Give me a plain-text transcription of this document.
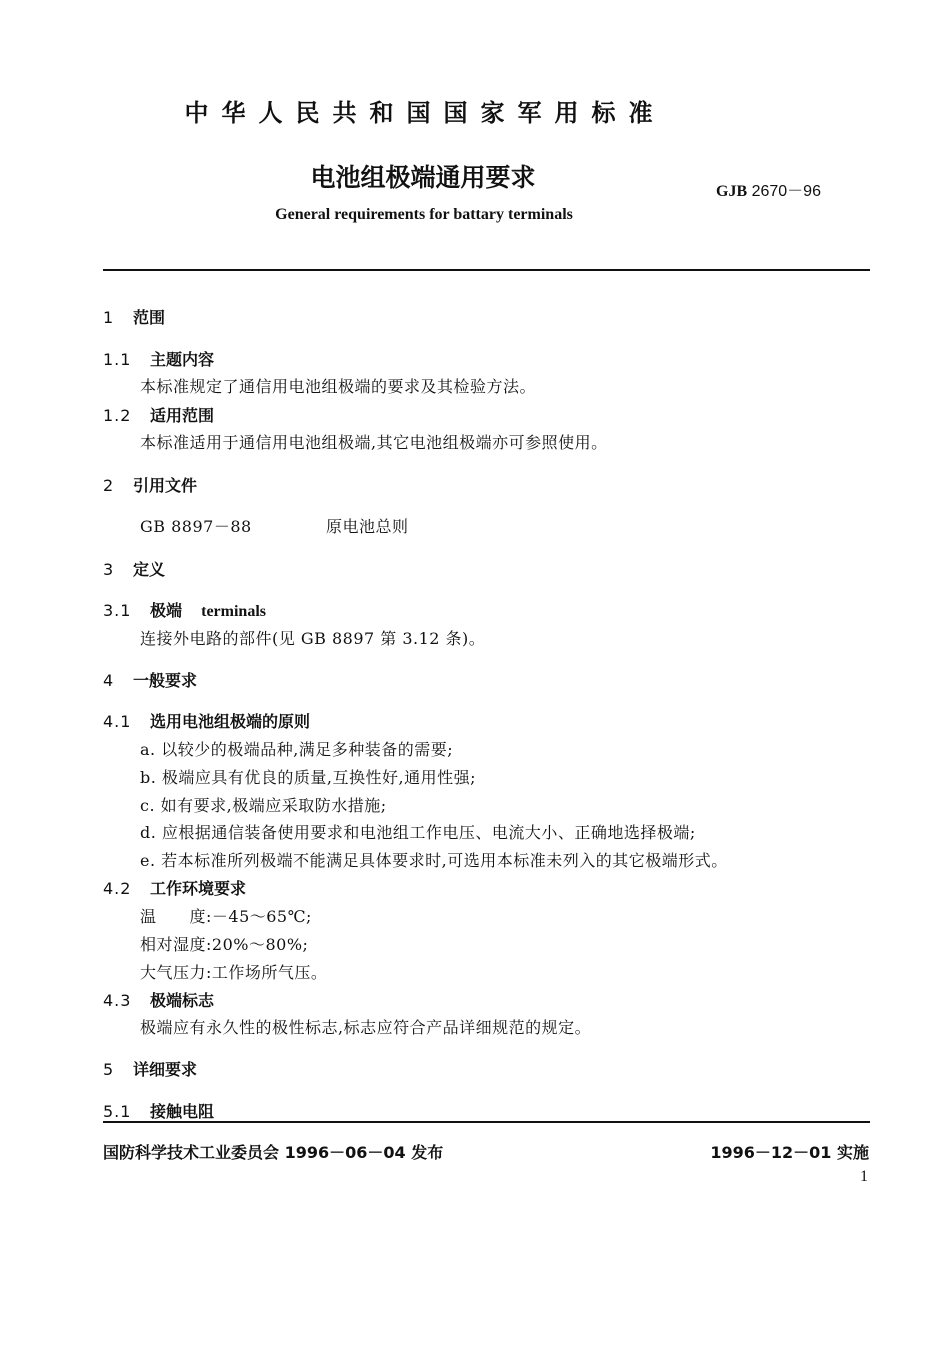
中华人民共和国国家军用标准
电池组极端通用要求	GJB 2670－96
General requirements for battary terminals
1 范围
1.1 主题内容
本标准规定了通信用电池组极端的要求及其检验方法。
1.2 适用范围
本标准适用于通信用电池组极端,其它电池组极端亦可参照使用。
2 引用文件
GB 8897－88	原电池总则
3 定义
3.1 极端 terminals
连接外电路的部件(见 GB 8897 第 3.12 条)。
4 一般要求
4.1 选用电池组极端的原则
a. 以较少的极端品种,满足多种装备的需要;
b. 极端应具有优良的质量,互换性好,通用性强;
c. 如有要求,极端应采取防水措施;
d. 应根据通信装备使用要求和电池组工作电压、电流大小、正确地选择极端;
e. 若本标准所列极端不能满足具体要求时,可选用本标准未列入的其它极端形式。
4.2 工作环境要求
温　　度:－45～65℃;
相对湿度:20%～80%;
大气压力:工作场所气压。
4.3 极端标志
极端应有永久性的极性标志,标志应符合产品详细规范的规定。
5 详细要求
5.1 接触电阻
国防科学技术工业委员会 1996－06－04 发布	1996－12－01 实施
1
